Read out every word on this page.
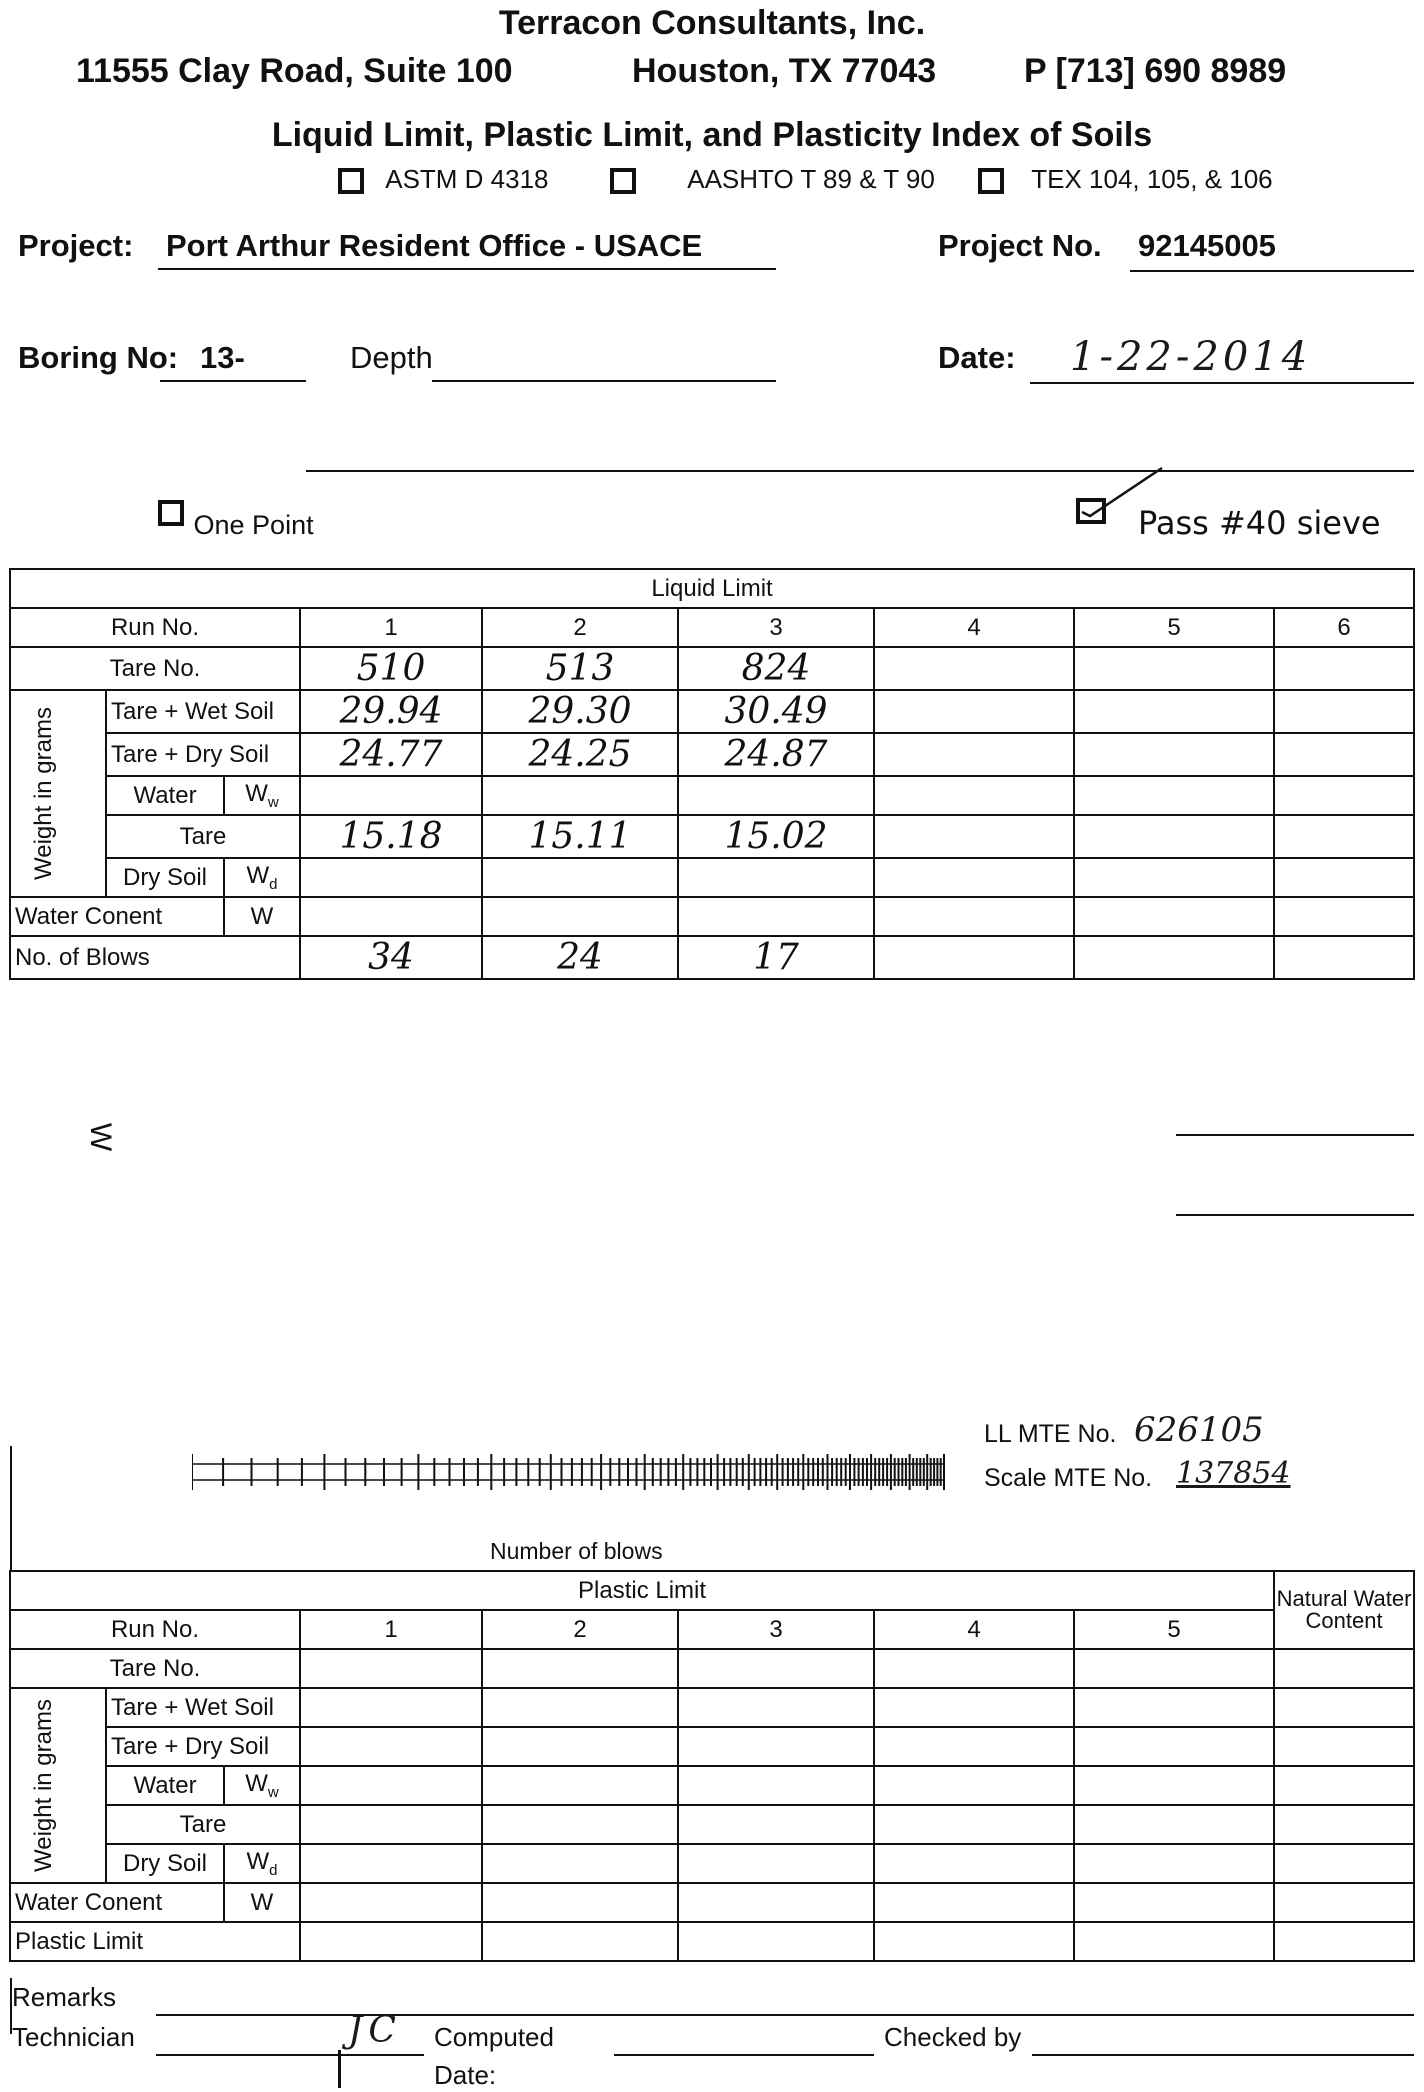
Terracon Consultants, Inc.
11555 Clay Road, Suite 100	Houston, TX 77043	P [713] 690 8989
Liquid Limit, Plastic Limit, and Plasticity Index of Soils
ASTM D 4318	AASHTO T 89 & T 90	TEX 104, 105, & 106
Project: Port Arthur Resident Office - USACE	Project No. 92145005
Boring No: 13-	Depth	Date: 1-22-2014
One Point	Pass #40 sieve
Liquid Limit								
Run No.			1	2	3	4	5	6
Tare No.			510	513	824			

Weight in grams	Tare + Wet Soil		29.94	29.30	30.49			
	Tare + Dry Soil		24.77	24.25	24.87			
	Water	$W_w$						
	Tare		15.18	15.11	15.02			
	Dry Soil	$W_d$						
Water Conent		W						
No. of Blows			34	24	17			
W
LL MTE No. 626105
Scale MTE No. 137854
Number of blows
Plastic Limit								Natural Water Content
Run No.			1	2	3	4	5	
Tare No.								

Weight in grams	Tare + Wet Soil							
	Tare + Dry Soil							
	Water	$W_w$						
	Tare							
	Dry Soil	$W_d$						
Water Conent		W						
Plastic Limit								
Remarks
Technician	JC Computed	Checked by
Date:
